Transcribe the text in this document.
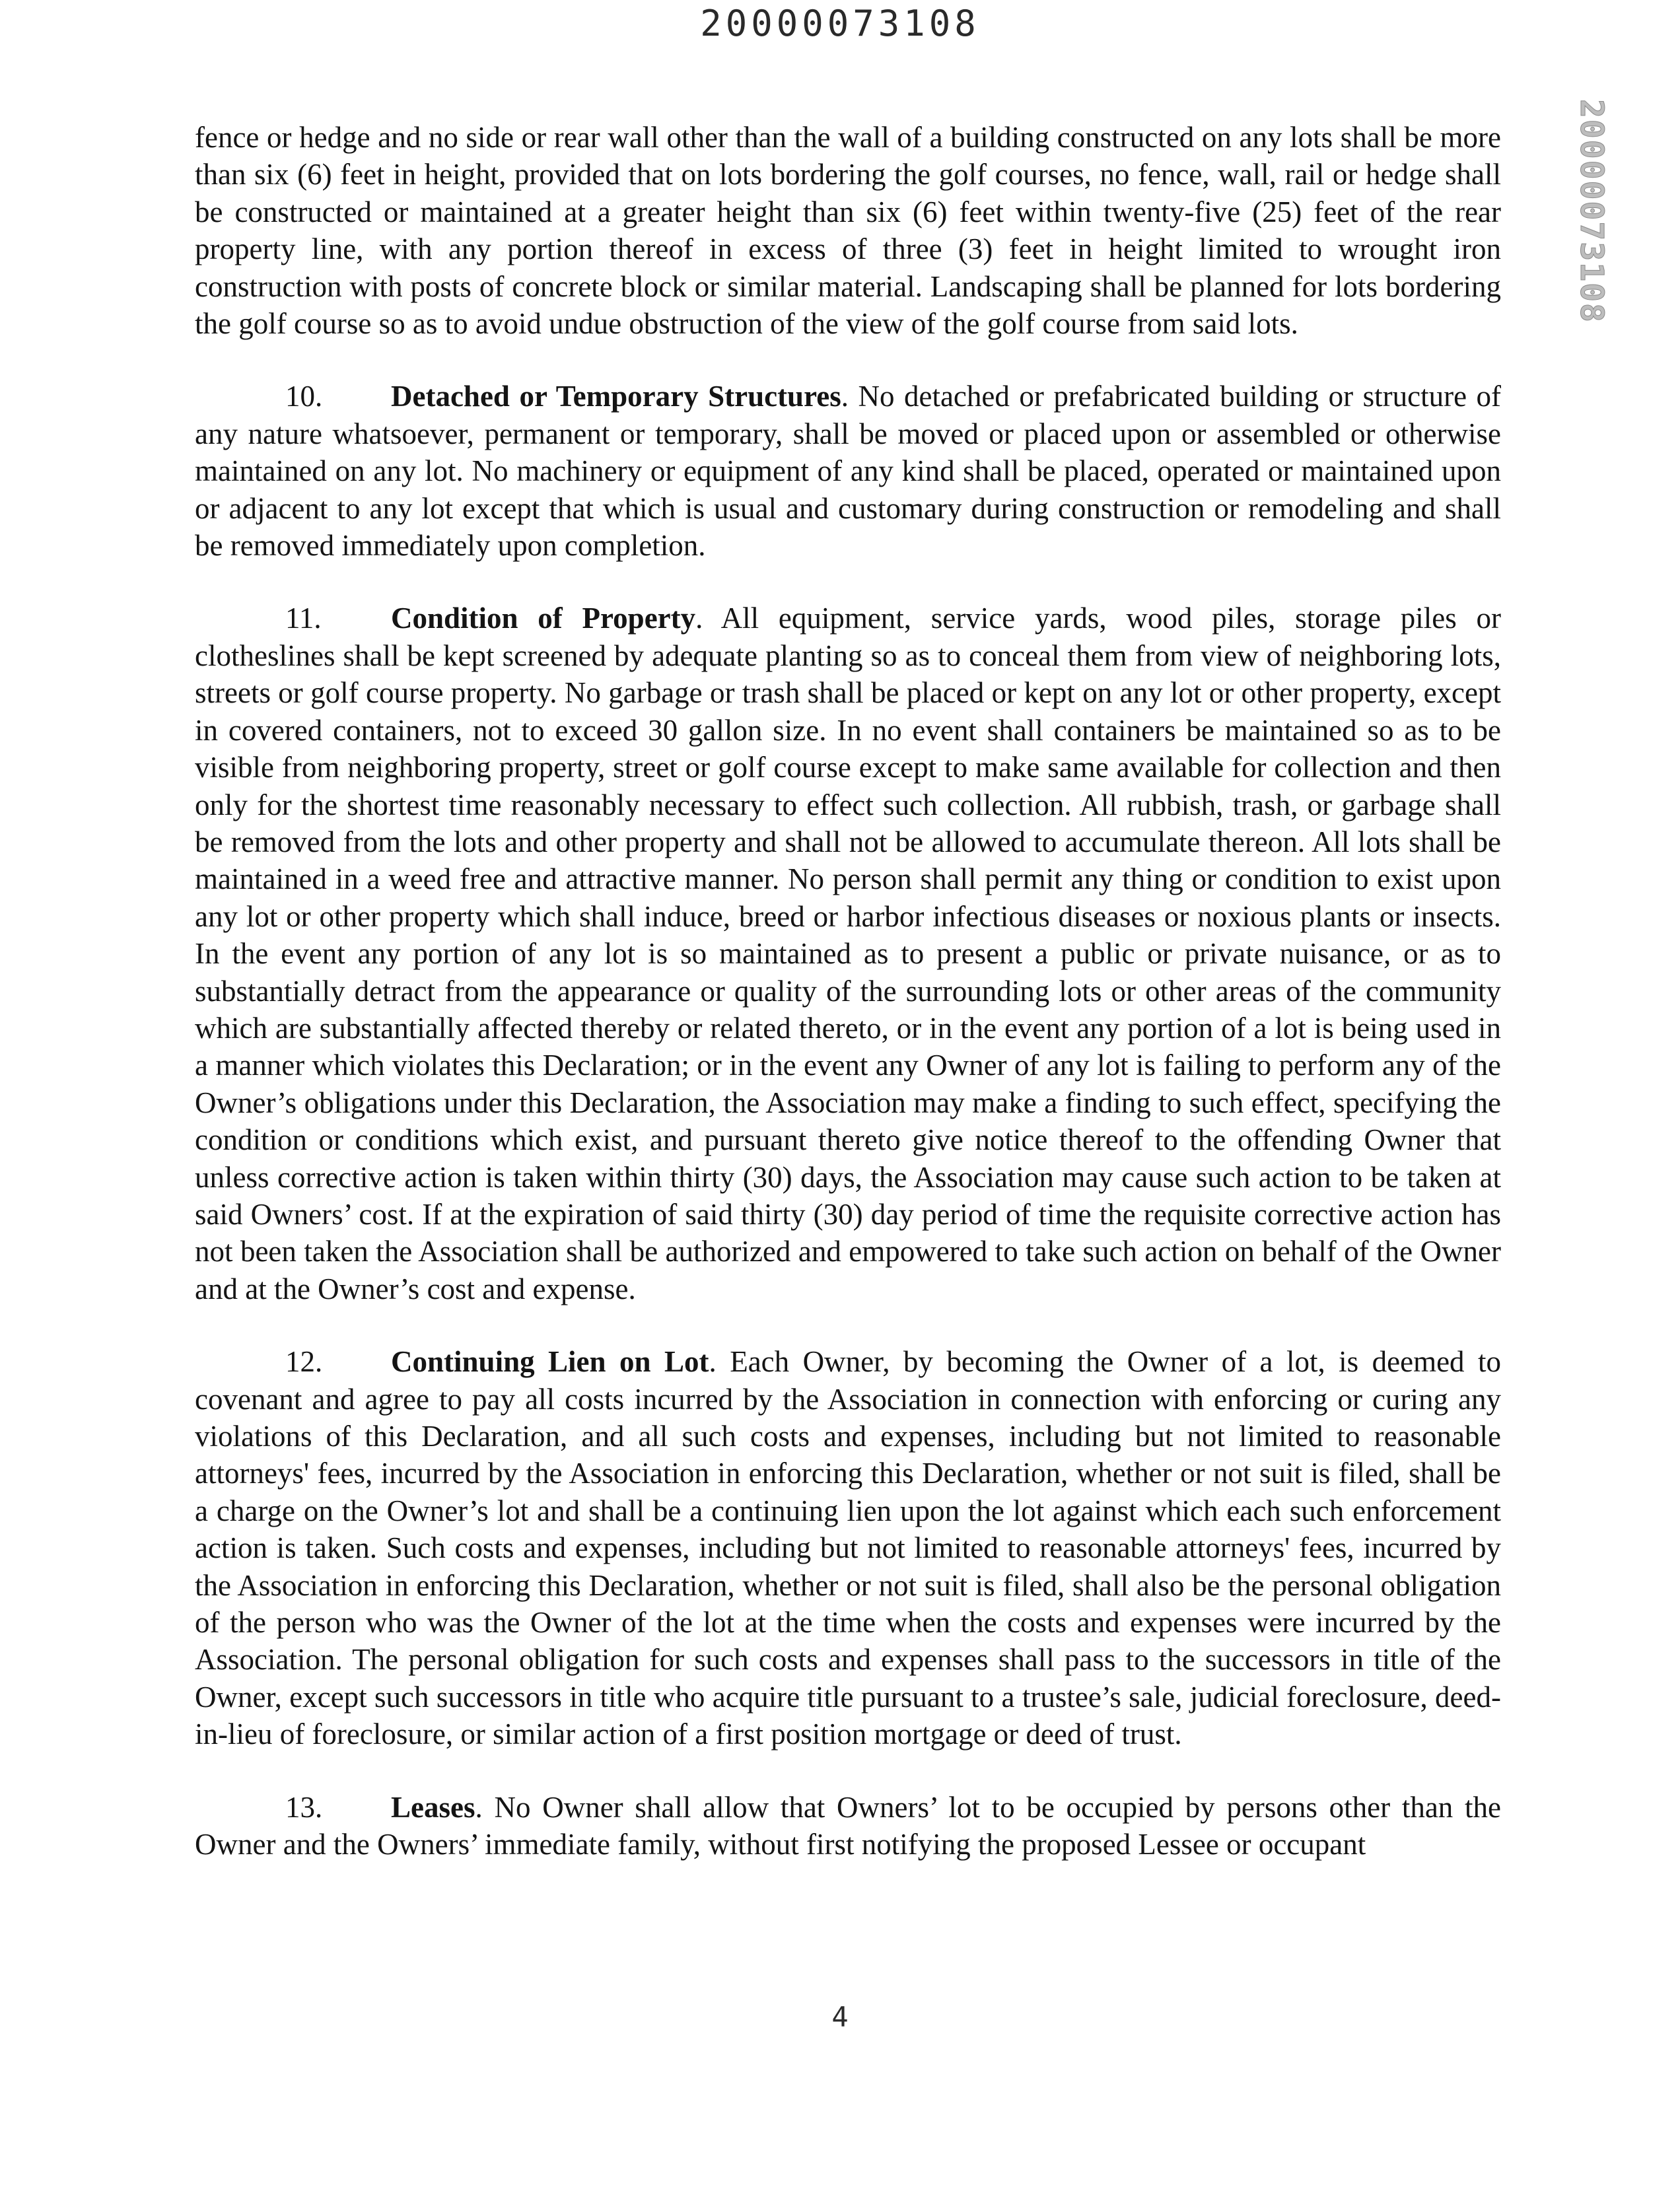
20000073108

20000073108

fence or hedge and no side or rear wall other than the wall of a building constructed on any lots shall be more than six (6) feet in height, provided that on lots bordering the golf courses, no fence, wall, rail or hedge shall be constructed or maintained at a greater height than six (6) feet within twenty-five (25) feet of the rear property line, with any portion thereof in excess of three (3) feet in height limited to wrought iron construction with posts of concrete block or similar material. Landscaping shall be planned for lots bordering the golf course so as to avoid undue obstruction of the view of the golf course from said lots.

10. Detached or Temporary Structures. No detached or prefabricated building or structure of any nature whatsoever, permanent or temporary, shall be moved or placed upon or assembled or otherwise maintained on any lot. No machinery or equipment of any kind shall be placed, operated or maintained upon or adjacent to any lot except that which is usual and customary during construction or remodeling and shall be removed immediately upon completion.

11. Condition of Property. All equipment, service yards, wood piles, storage piles or clotheslines shall be kept screened by adequate planting so as to conceal them from view of neighboring lots, streets or golf course property. No garbage or trash shall be placed or kept on any lot or other property, except in covered containers, not to exceed 30 gallon size. In no event shall containers be maintained so as to be visible from neighboring property, street or golf course except to make same available for collection and then only for the shortest time reasonably necessary to effect such collection. All rubbish, trash, or garbage shall be removed from the lots and other property and shall not be allowed to accumulate thereon. All lots shall be maintained in a weed free and attractive manner. No person shall permit any thing or condition to exist upon any lot or other property which shall induce, breed or harbor infectious diseases or noxious plants or insects. In the event any portion of any lot is so maintained as to present a public or private nuisance, or as to substantially detract from the appearance or quality of the surrounding lots or other areas of the community which are substantially affected thereby or related thereto, or in the event any portion of a lot is being used in a manner which violates this Declaration; or in the event any Owner of any lot is failing to perform any of the Owner’s obligations under this Declaration, the Association may make a finding to such effect, specifying the condition or conditions which exist, and pursuant thereto give notice thereof to the offending Owner that unless corrective action is taken within thirty (30) days, the Association may cause such action to be taken at said Owners’ cost. If at the expiration of said thirty (30) day period of time the requisite corrective action has not been taken the Association shall be authorized and empowered to take such action on behalf of the Owner and at the Owner’s cost and expense.

12. Continuing Lien on Lot. Each Owner, by becoming the Owner of a lot, is deemed to covenant and agree to pay all costs incurred by the Association in connection with enforcing or curing any violations of this Declaration, and all such costs and expenses, including but not limited to reasonable attorneys' fees, incurred by the Association in enforcing this Declaration, whether or not suit is filed, shall be a charge on the Owner’s lot and shall be a continuing lien upon the lot against which each such enforcement action is taken. Such costs and expenses, including but not limited to reasonable attorneys' fees, incurred by the Association in enforcing this Declaration, whether or not suit is filed, shall also be the personal obligation of the person who was the Owner of the lot at the time when the costs and expenses were incurred by the Association. The personal obligation for such costs and expenses shall pass to the successors in title of the Owner, except such successors in title who acquire title pursuant to a trustee’s sale, judicial foreclosure, deed-in-lieu of foreclosure, or similar action of a first position mortgage or deed of trust.

13. Leases. No Owner shall allow that Owners’ lot to be occupied by persons other than the Owner and the Owners’ immediate family, without first notifying the proposed Lessee or occupant

4
